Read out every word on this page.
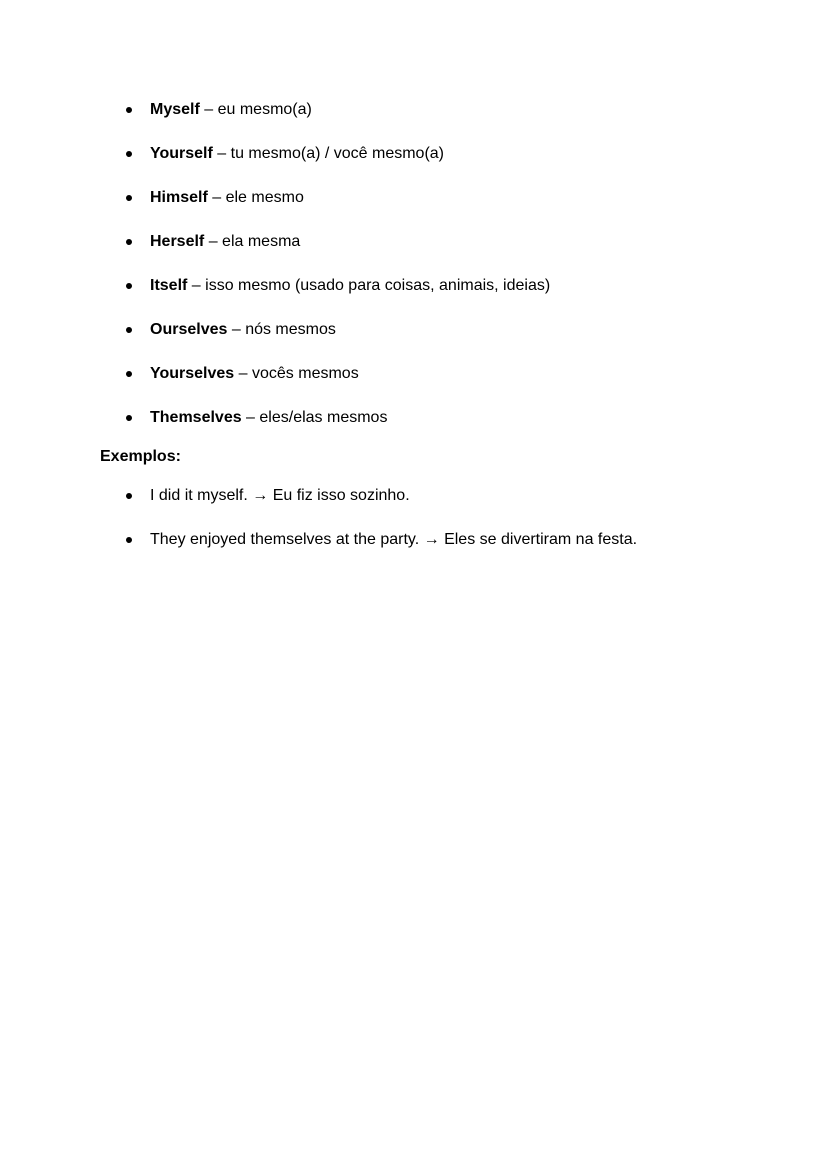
Myself – eu mesmo(a)
Yourself – tu mesmo(a) / você mesmo(a)
Himself – ele mesmo
Herself – ela mesma
Itself – isso mesmo (usado para coisas, animais, ideias)
Ourselves – nós mesmos
Yourselves – vocês mesmos
Themselves – eles/elas mesmos
Exemplos:
I did it myself. → Eu fiz isso sozinho.
They enjoyed themselves at the party. → Eles se divertiram na festa.
